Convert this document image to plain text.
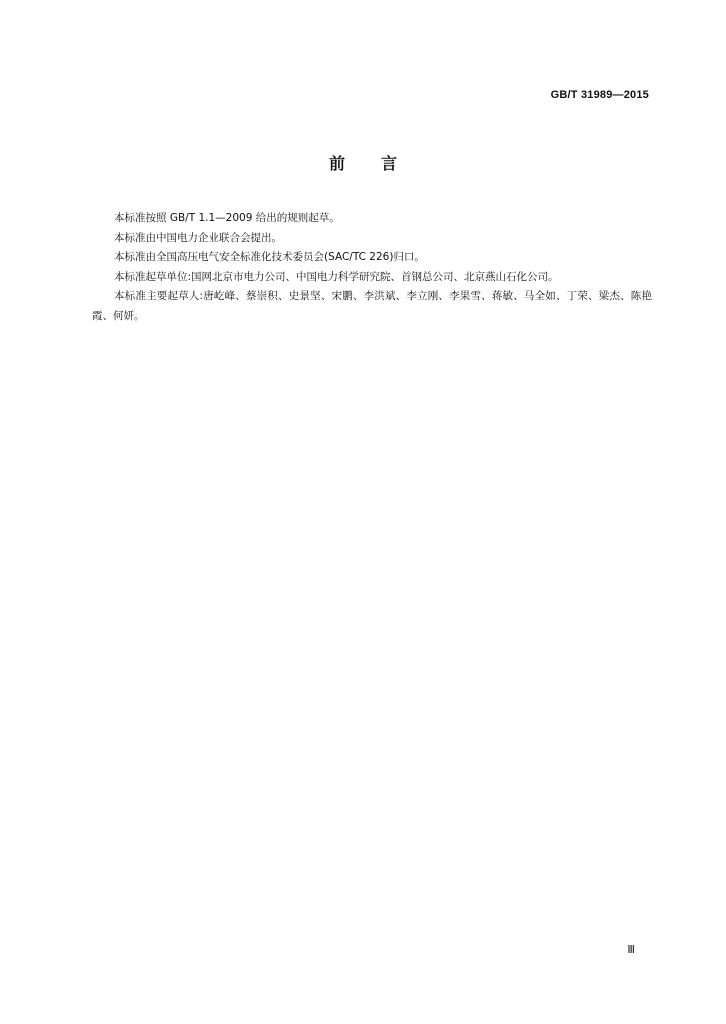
GB/T 31989—2015
前言

本标准按照 GB/T 1.1—2009 给出的规则起草。

本标准由中国电力企业联合会提出。

本标准由全国高压电气安全标准化技术委员会(SAC/TC 226)归口。

本标准起草单位:国网北京市电力公司、中国电力科学研究院、首钢总公司、北京燕山石化公司。

本标准主要起草人:唐屹峰、蔡崇积、史景坚、宋鹏、李洪斌、李立刚、李果雪、蒋敏、马全如、丁荣、梁杰、陈艳霞、何妍。

Ⅲ
